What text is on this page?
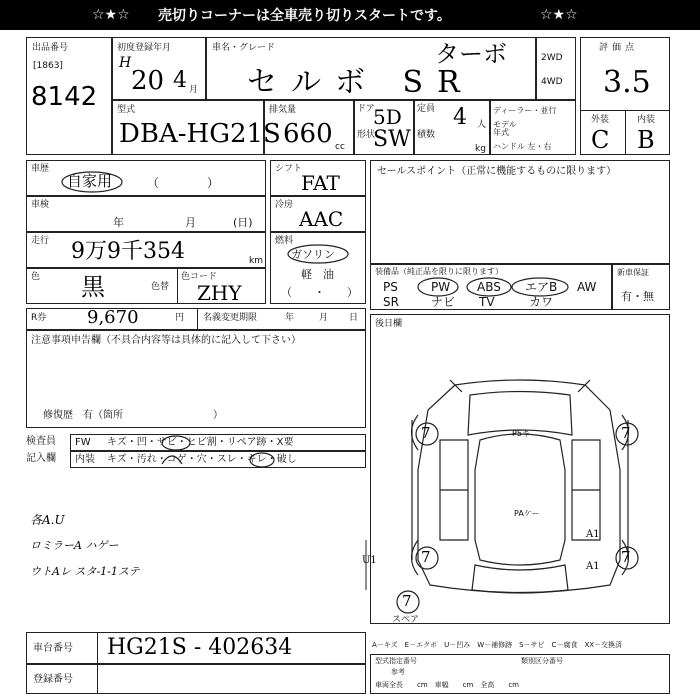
☆★☆ 売切りコーナーは全車売り切りスタートです。	☆★☆
出品番号
[1863]
8142
初度登録年月
H
20 4 月
車名・グレード	ターボ
セルボ SR
2WD
4WD
評価点
3.5
外装	内装
C B
型式
DBA-HG21S
排気量
660 cc
ドア
5D
形状
SW
定員 4 人
積数
kg
ディーラー・並行
モデル年式
ハンドル 左・右
車歴
自家用	（　　　　）
車検
年	月	(日)
走行 9万9千354	km
色 黒	色替
色コード
ZHY
シフト
FAT
冷房
AAC
燃料
ガソリン
軽　油
（　　・　　）
セールスポイント（正常に機能するものに限ります）
装備品（純正品を限りに限ります）
PS	PW ABS エアB AW
SR	ナビ TV	カワ
新車保証
有・無
R券 9,670	円 名義変更期限	年	月 日
注意事項申告欄（不具合内容等は具体的に記入して下さい）
修復歴　有（箇所　　　　　　　　　）
検査員
記入欄
FW キズ・凹・サビ・ヒビ割・リペア跡・X要
内装 キズ・汚れ・コゲ・穴・スレ・キレ・破し
各A.U
ロミラーA ハゲー
ウトAレ スタ-1-1ステ
後日欄
7	7
7	7
7
A1
A1
U1
P5キ
PAケー
スペア
車台番号 HG21S - 402634
登録番号
A－キズ　E－エクボ　U－凹み　W－補修跡　S－サビ　C－腐食　XX－交換済
型式指定番号	類別区分番号
参考
車両全長　　cm　車幅　　cm　全高　　cm
